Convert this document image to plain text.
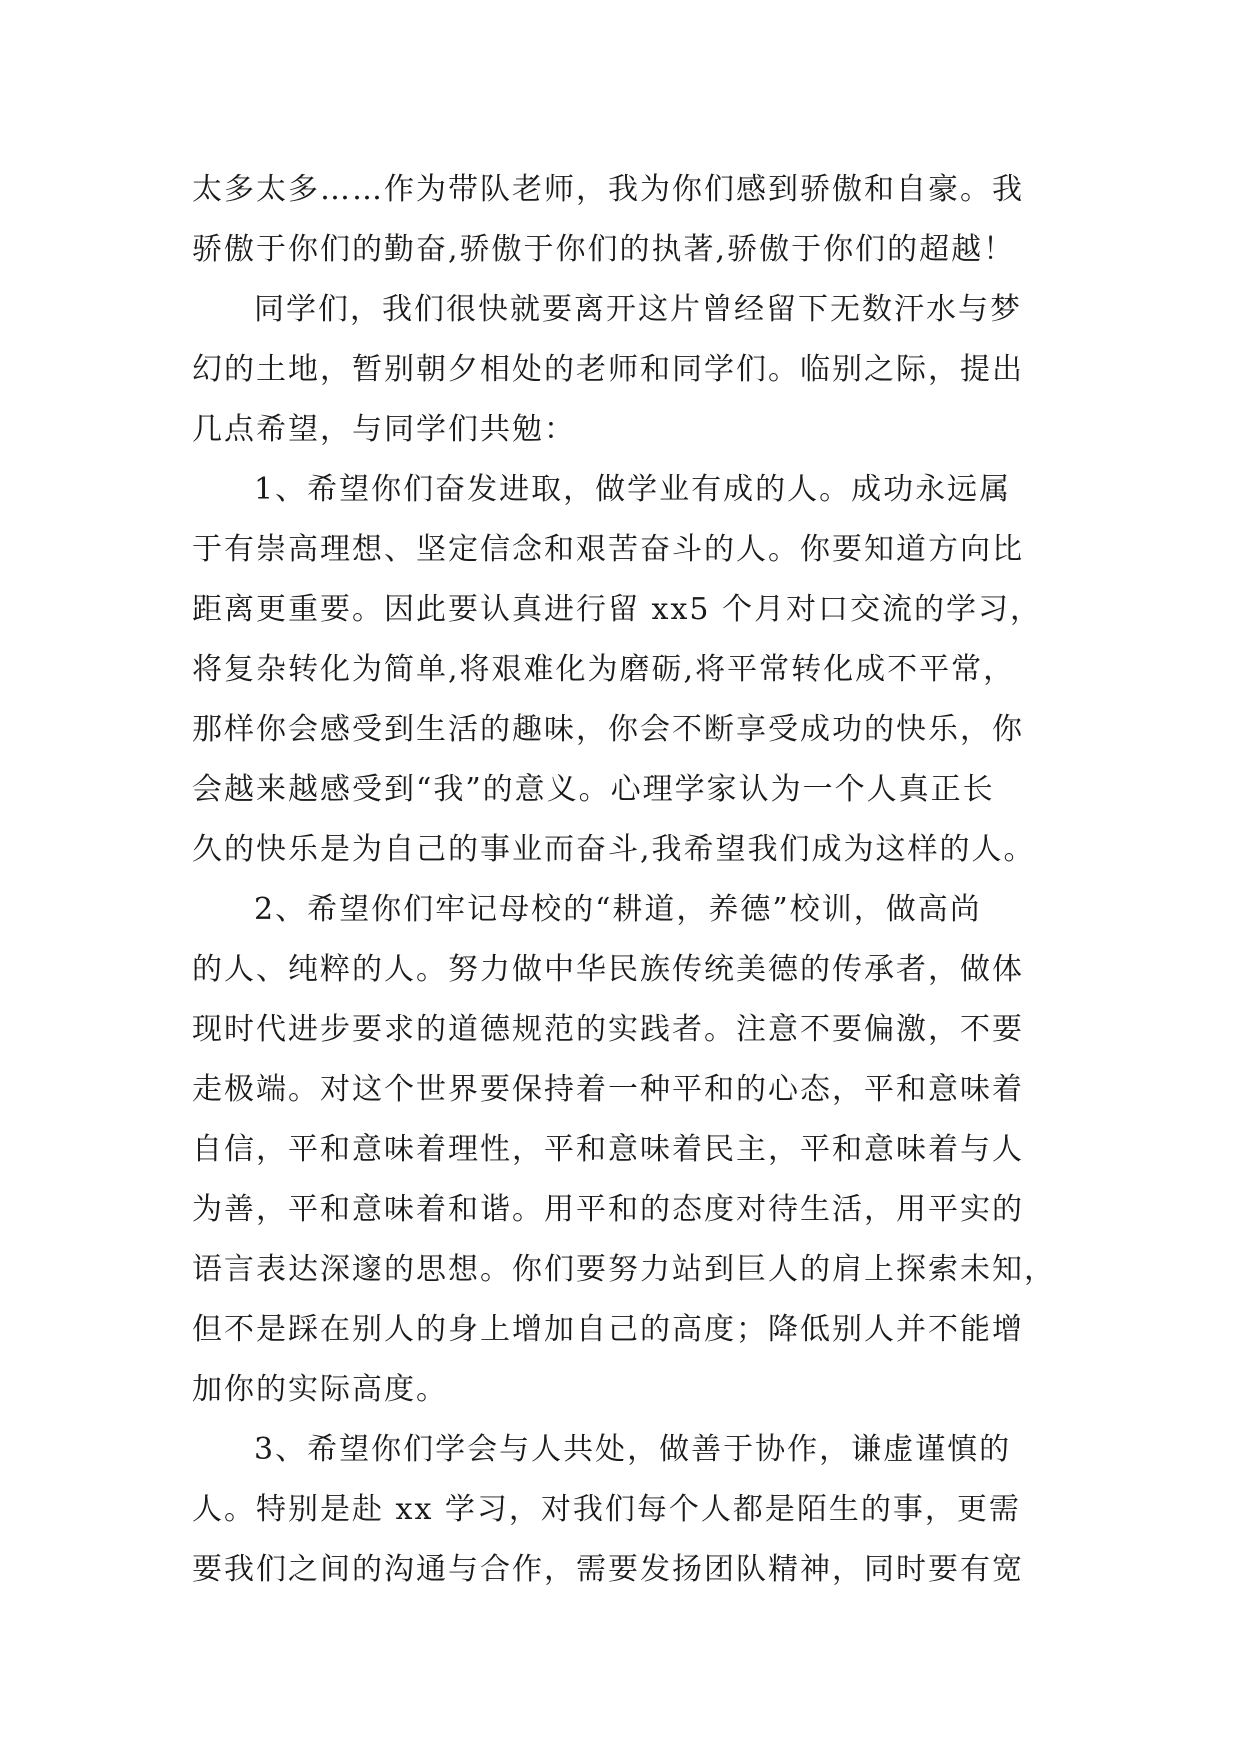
太多太多……作为带队老师，我为你们感到骄傲和自豪。我
骄傲于你们的勤奋,骄傲于你们的执著,骄傲于你们的超越！
同学们，我们很快就要离开这片曾经留下无数汗水与梦
幻的土地，暂别朝夕相处的老师和同学们。临别之际，提出
几点希望，与同学们共勉：
1、希望你们奋发进取，做学业有成的人。成功永远属
于有崇高理想、坚定信念和艰苦奋斗的人。你要知道方向比
距离更重要。因此要认真进行留 xx5 个月对口交流的学习，
将复杂转化为简单,将艰难化为磨砺,将平常转化成不平常，
那样你会感受到生活的趣味，你会不断享受成功的快乐，你
会越来越感受到“我”的意义。心理学家认为一个人真正长
久的快乐是为自己的事业而奋斗,我希望我们成为这样的人。
2、希望你们牢记母校的“耕道，养德”校训，做高尚
的人、纯粹的人。努力做中华民族传统美德的传承者，做体
现时代进步要求的道德规范的实践者。注意不要偏激，不要
走极端。对这个世界要保持着一种平和的心态，平和意味着
自信，平和意味着理性，平和意味着民主，平和意味着与人
为善，平和意味着和谐。用平和的态度对待生活，用平实的
语言表达深邃的思想。你们要努力站到巨人的肩上探索未知，
但不是踩在别人的身上增加自己的高度；降低别人并不能增
加你的实际高度。
3、希望你们学会与人共处，做善于协作，谦虚谨慎的
人。特别是赴 xx 学习，对我们每个人都是陌生的事，更需
要我们之间的沟通与合作，需要发扬团队精神，同时要有宽
